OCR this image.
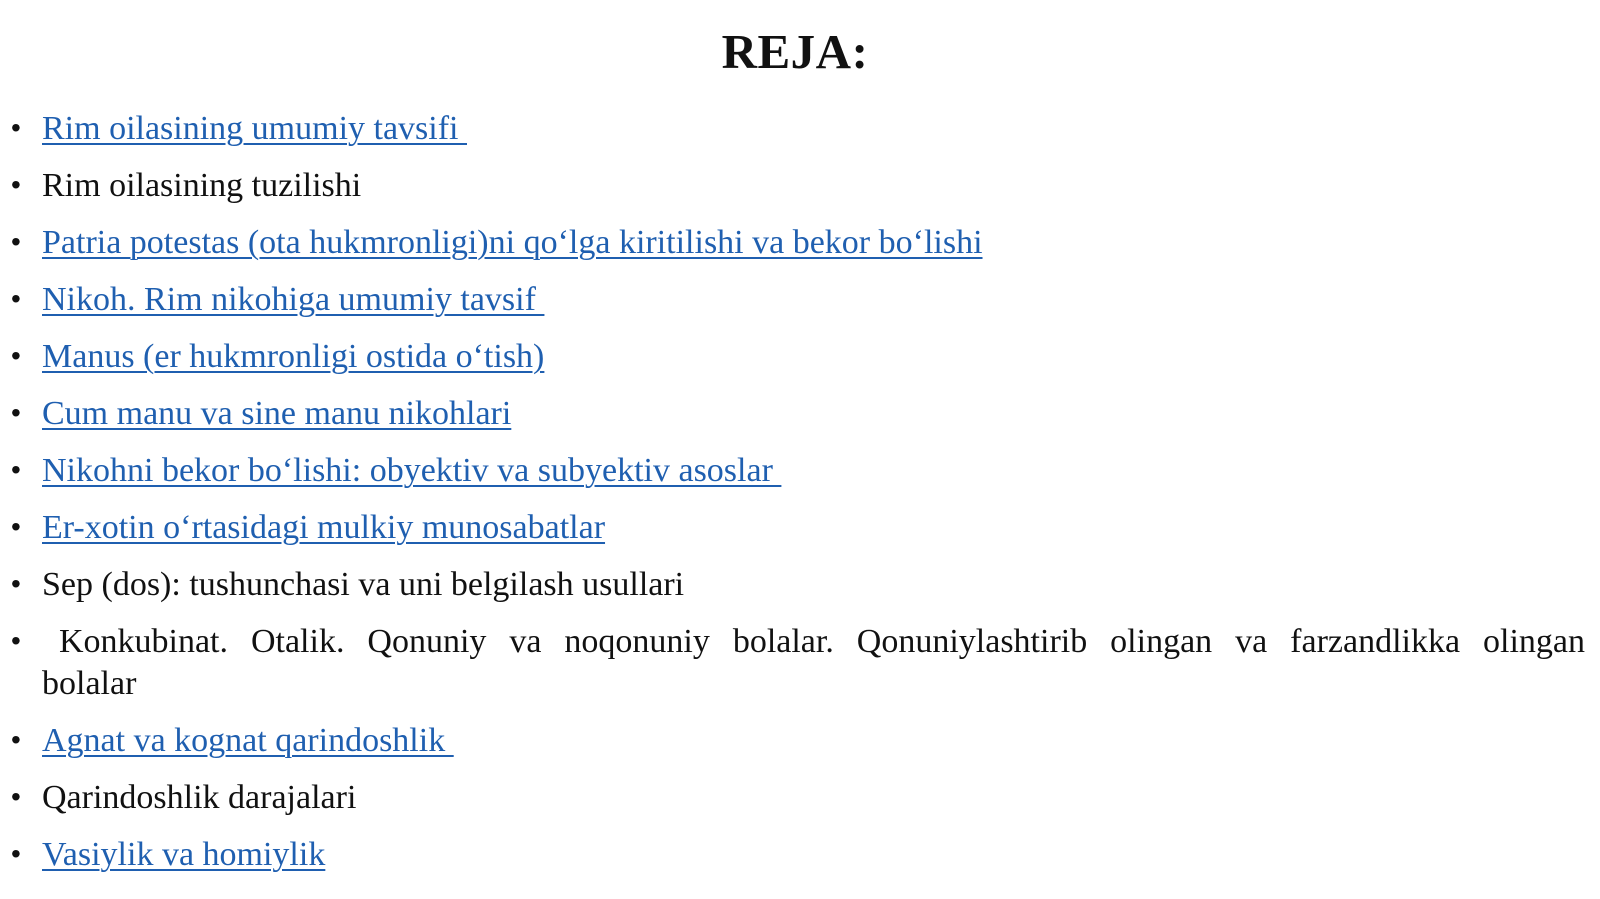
REJA:
• Rim oilasining umumiy tavsifi
• Rim oilasining tuzilishi
• Patria potestas (ota hukmronligi)ni qo‘lga kiritilishi va bekor bo‘lishi
• Nikoh. Rim nikohiga umumiy tavsif
• Manus (er hukmronligi ostida o‘tish)
• Cum manu va sine manu nikohlari
• Nikohni bekor bo‘lishi: obyektiv va subyektiv asoslar
• Er-xotin o‘rtasidagi mulkiy munosabatlar
• Sep (dos): tushunchasi va uni belgilash usullari
• Konkubinat. Otalik. Qonuniy va noqonuniy bolalar. Qonuniylashtirib olingan va farzandlikka olingan bolalar
• Agnat va kognat qarindoshlik
• Qarindoshlik darajalari
• Vasiylik va homiylik
